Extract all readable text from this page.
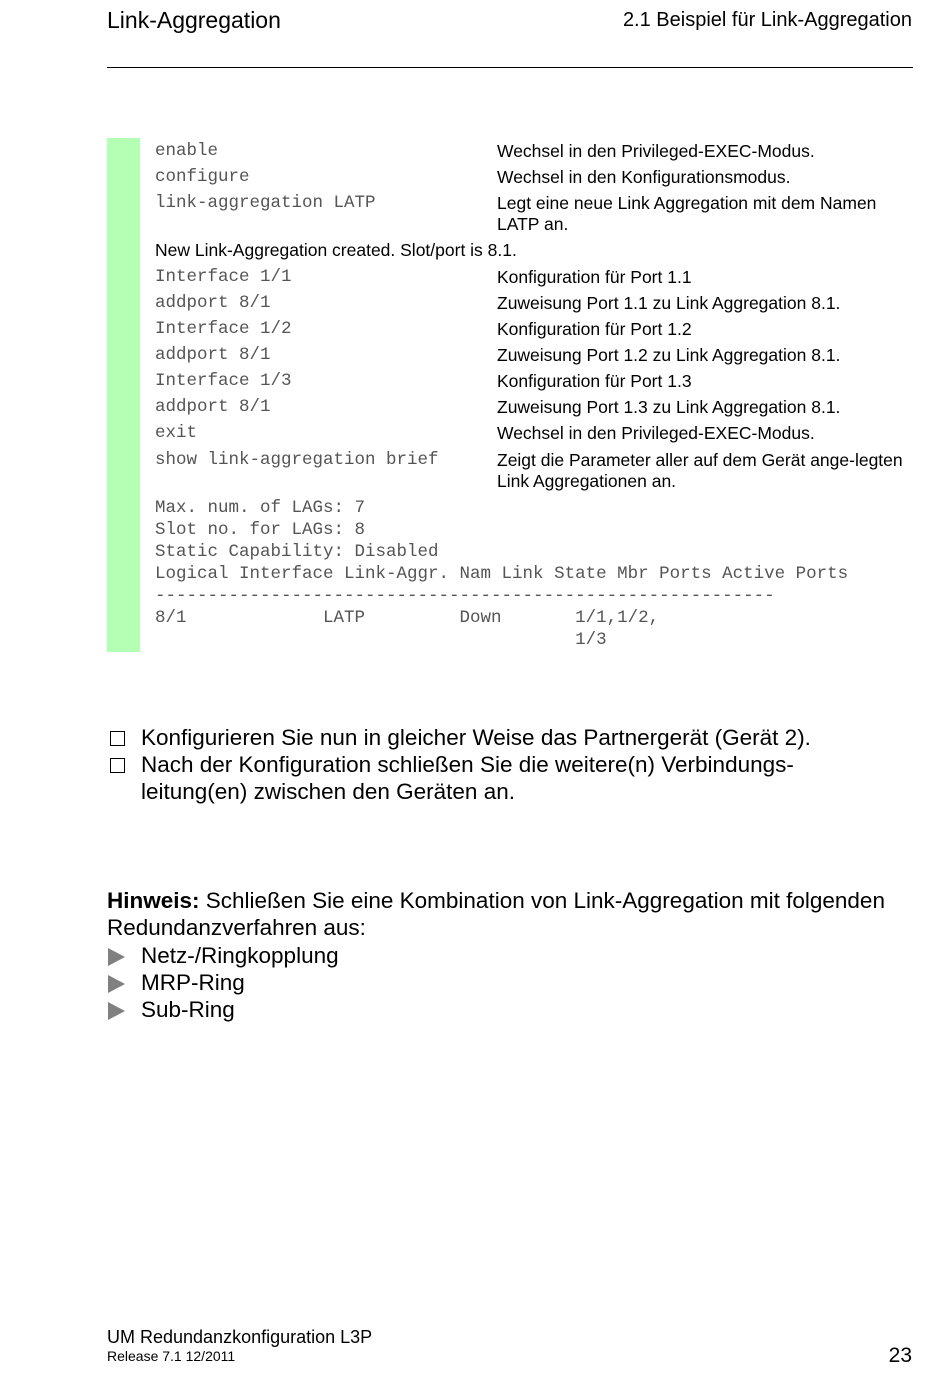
Link-Aggregation	2.1 Beispiel für Link-Aggregation
enable	Wechsel in den Privileged-EXEC-Modus.
configure	Wechsel in den Konfigurationsmodus.
link-aggregation LATP	Legt eine neue Link Aggregation mit dem Namen LATP an.
New Link-Aggregation created. Slot/port is 8.1.
Interface 1/1	Konfiguration für Port 1.1
addport 8/1	Zuweisung Port 1.1 zu Link Aggregation 8.1.
Interface 1/2	Konfiguration für Port 1.2
addport 8/1	Zuweisung Port 1.2 zu Link Aggregation 8.1.
Interface 1/3	Konfiguration für Port 1.3
addport 8/1	Zuweisung Port 1.3 zu Link Aggregation 8.1.
exit	Wechsel in den Privileged-EXEC-Modus.
show link-aggregation brief	Zeigt die Parameter aller auf dem Gerät ange-legten Link Aggregationen an.
Max. num. of LAGs: 7
Slot no. for LAGs: 8
Static Capability: Disabled
Logical Interface Link-Aggr. Nam Link State Mbr Ports Active Ports
-----------------------------------------------------------
8/1             LATP         Down       1/1,1/2,
1/3
Konfigurieren Sie nun in gleicher Weise das Partnergerät (Gerät 2).
Nach der Konfiguration schließen Sie die weitere(n) Verbindungs-leitung(en) zwischen den Geräten an.
Hinweis: Schließen Sie eine Kombination von Link-Aggregation mit folgenden Redundanzverfahren aus:
Netz-/Ringkopplung
MRP-Ring
Sub-Ring
UM Redundanzkonfiguration L3P
Release 7.1 12/2011	23
